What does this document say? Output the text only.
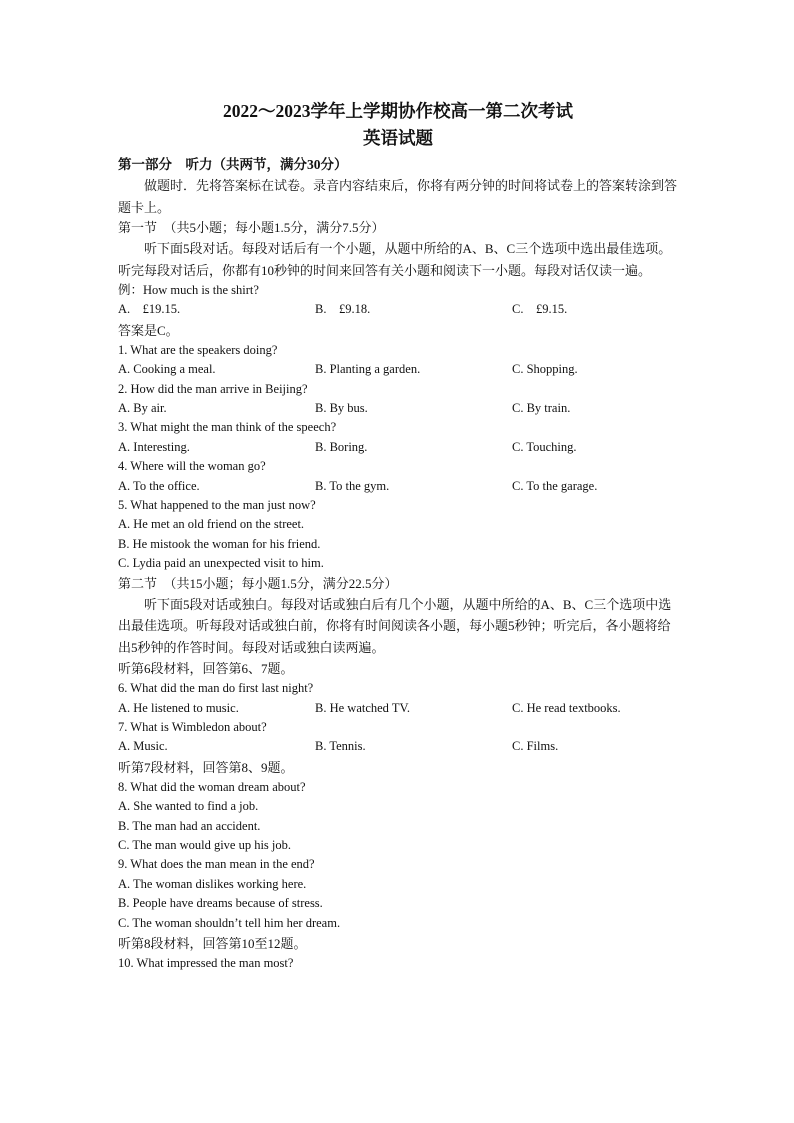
2022～2023学年上学期协作校高一第二次考试
英语试题
第一部分　听力（共两节，满分30分）

做题时．先将答案标在试卷。录音内容结束后，你将有两分钟的时间将试卷上的答案转涂到答题卡上。

第一节　（共5小题；每小题1.5分，满分7.5分）

听下面5段对话。每段对话后有一个小题，从题中所给的A、B、C三个选项中选出最佳选项。听完每段对话后，你都有10秒钟的时间来回答有关小题和阅读下一小题。每段对话仅读一遍。

例：How much is the shirt?
A.　£19.15.	B.　£9.18.	C.　£9.15.
答案是C。
1. What are the speakers doing?
A. Cooking a meal.	B. Planting a garden.	C. Shopping.
2. How did the man arrive in Beijing?
A. By air.	B. By bus.	C. By train.
3. What might the man think of the speech?
A. Interesting.	B. Boring.	C. Touching.
4. Where will the woman go?
A. To the office.	B. To the gym.	C. To the garage.
5. What happened to the man just now?
A. He met an old friend on the street.
B. He mistook the woman for his friend.
C. Lydia paid an unexpected visit to him.
第二节　（共15小题；每小题1.5分，满分22.5分）

听下面5段对话或独白。每段对话或独白后有几个小题，从题中所给的A、B、C三个选项中选出最佳选项。听每段对话或独白前，你将有时间阅读各小题，每小题5秒钟；听完后，各小题将给出5秒钟的作答时间。每段对话或独白读两遍。

听第6段材料，回答第6、7题。
6. What did the man do first last night?
A. He listened to music.	B. He watched TV.	C. He read textbooks.
7. What is Wimbledon about?
A. Music.	B. Tennis.	C. Films.
听第7段材料，回答第8、9题。
8. What did the woman dream about?
A. She wanted to find a job.
B. The man had an accident.
C. The man would give up his job.
9. What does the man mean in the end?
A. The woman dislikes working here.
B. People have dreams because of stress.
C. The woman shouldn’t tell him her dream.
听第8段材料，回答第10至12题。
10. What impressed the man most?
